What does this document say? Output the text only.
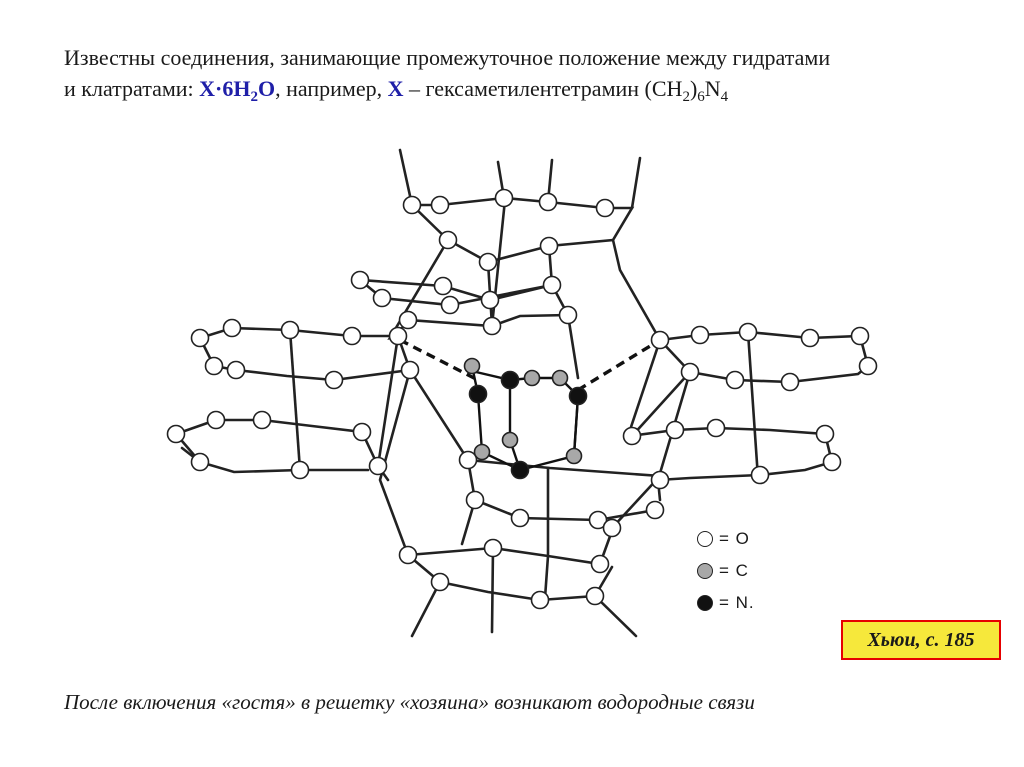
Известны соединения, занимающие промежуточное положение между гидратами
и клатратами: $X\cdot 6H_2O$, например, X – гексаметилентетрамин $(CH_2)_6N_4$
= O
= C
= N.
Хьюи, с. 185
После включения «гостя» в решетку «хозяина» возникают водородные связи
